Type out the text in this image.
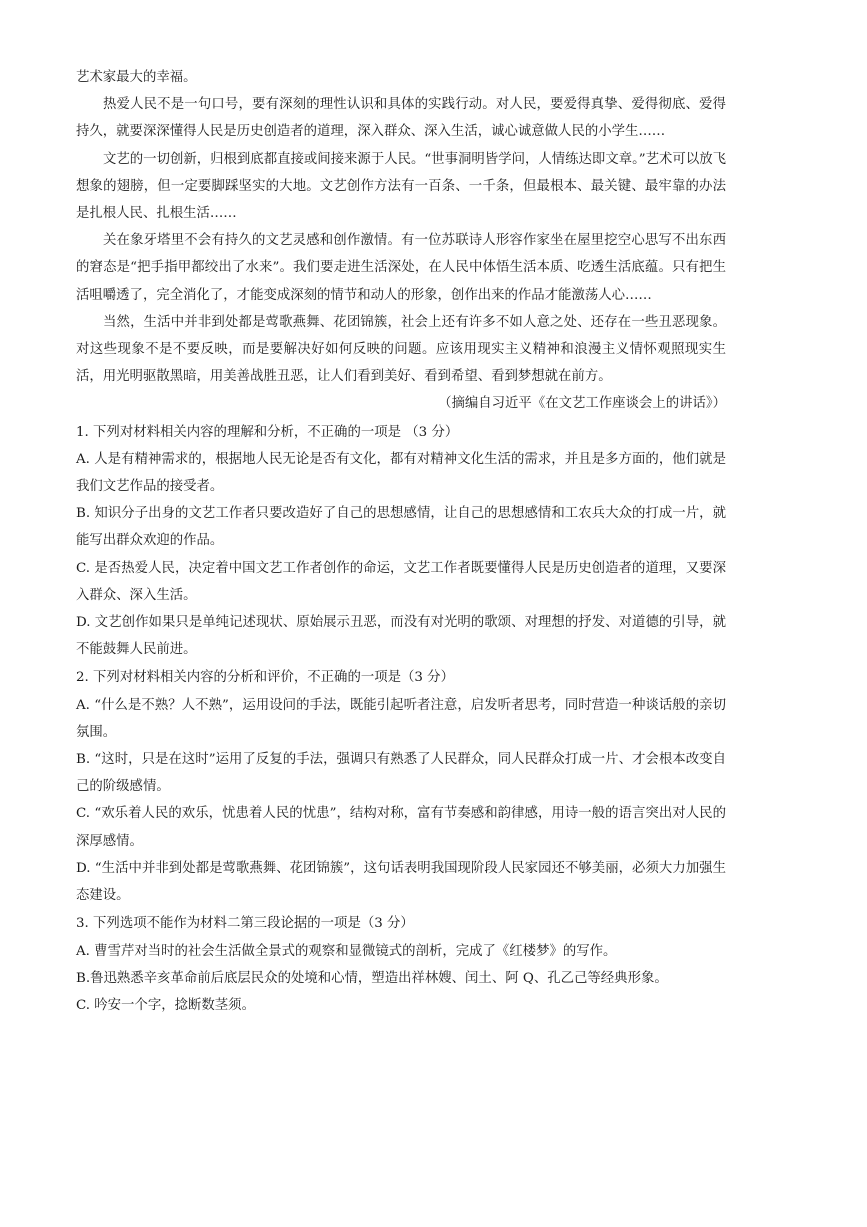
艺术家最大的幸福。

热爱人民不是一句口号，要有深刻的理性认识和具体的实践行动。对人民，要爱得真挚、爱得彻底、爱得持久，就要深深懂得人民是历史创造者的道理，深入群众、深入生活，诚心诚意做人民的小学生……

文艺的一切创新，归根到底都直接或间接来源于人民。“世事洞明皆学问，人情练达即文章。”艺术可以放飞想象的翅膀，但一定要脚踩坚实的大地。文艺创作方法有一百条、一千条，但最根本、最关键、最牢靠的办法是扎根人民、扎根生活……

关在象牙塔里不会有持久的文艺灵感和创作激情。有一位苏联诗人形容作家坐在屋里挖空心思写不出东西的窘态是“把手指甲都绞出了水来”。我们要走进生活深处，在人民中体悟生活本质、吃透生活底蕴。只有把生活咀嚼透了，完全消化了，才能变成深刻的情节和动人的形象，创作出来的作品才能激荡人心……

当然，生活中并非到处都是莺歌燕舞、花团锦簇，社会上还有许多不如人意之处、还存在一些丑恶现象。对这些现象不是不要反映，而是要解决好如何反映的问题。应该用现实主义精神和浪漫主义情怀观照现实生活，用光明驱散黑暗，用美善战胜丑恶，让人们看到美好、看到希望、看到梦想就在前方。

（摘编自习近平《在文艺工作座谈会上的讲话》）

1. 下列对材料相关内容的理解和分析，不正确的一项是 （3 分）

A. 人是有精神需求的，根据地人民无论是否有文化，都有对精神文化生活的需求，并且是多方面的，他们就是我们文艺作品的接受者。

B. 知识分子出身的文艺工作者只要改造好了自己的思想感情，让自己的思想感情和工农兵大众的打成一片，就能写出群众欢迎的作品。

C. 是否热爱人民，决定着中国文艺工作者创作的命运，文艺工作者既要懂得人民是历史创造者的道理，又要深入群众、深入生活。

D. 文艺创作如果只是单纯记述现状、原始展示丑恶，而没有对光明的歌颂、对理想的抒发、对道德的引导，就不能鼓舞人民前进。

2. 下列对材料相关内容的分析和评价，不正确的一项是（3 分）

A. “什么是不熟？人不熟”，运用设问的手法，既能引起听者注意，启发听者思考，同时营造一种谈话般的亲切氛围。

B. “这时，只是在这时”运用了反复的手法，强调只有熟悉了人民群众，同人民群众打成一片、才会根本改变自己的阶级感情。

C. “欢乐着人民的欢乐，忧患着人民的忧患”，结构对称，富有节奏感和韵律感，用诗一般的语言突出对人民的深厚感情。

D. “生活中并非到处都是莺歌燕舞、花团锦簇”，这句话表明我国现阶段人民家园还不够美丽，必须大力加强生态建设。

3. 下列选项不能作为材料二第三段论据的一项是（3 分）

A. 曹雪芹对当时的社会生活做全景式的观察和显微镜式的剖析，完成了《红楼梦》的写作。

B.鲁迅熟悉辛亥革命前后底层民众的处境和心情，塑造出祥林嫂、闰土、阿 Q、孔乙己等经典形象。

C. 吟安一个字，捻断数茎须。
